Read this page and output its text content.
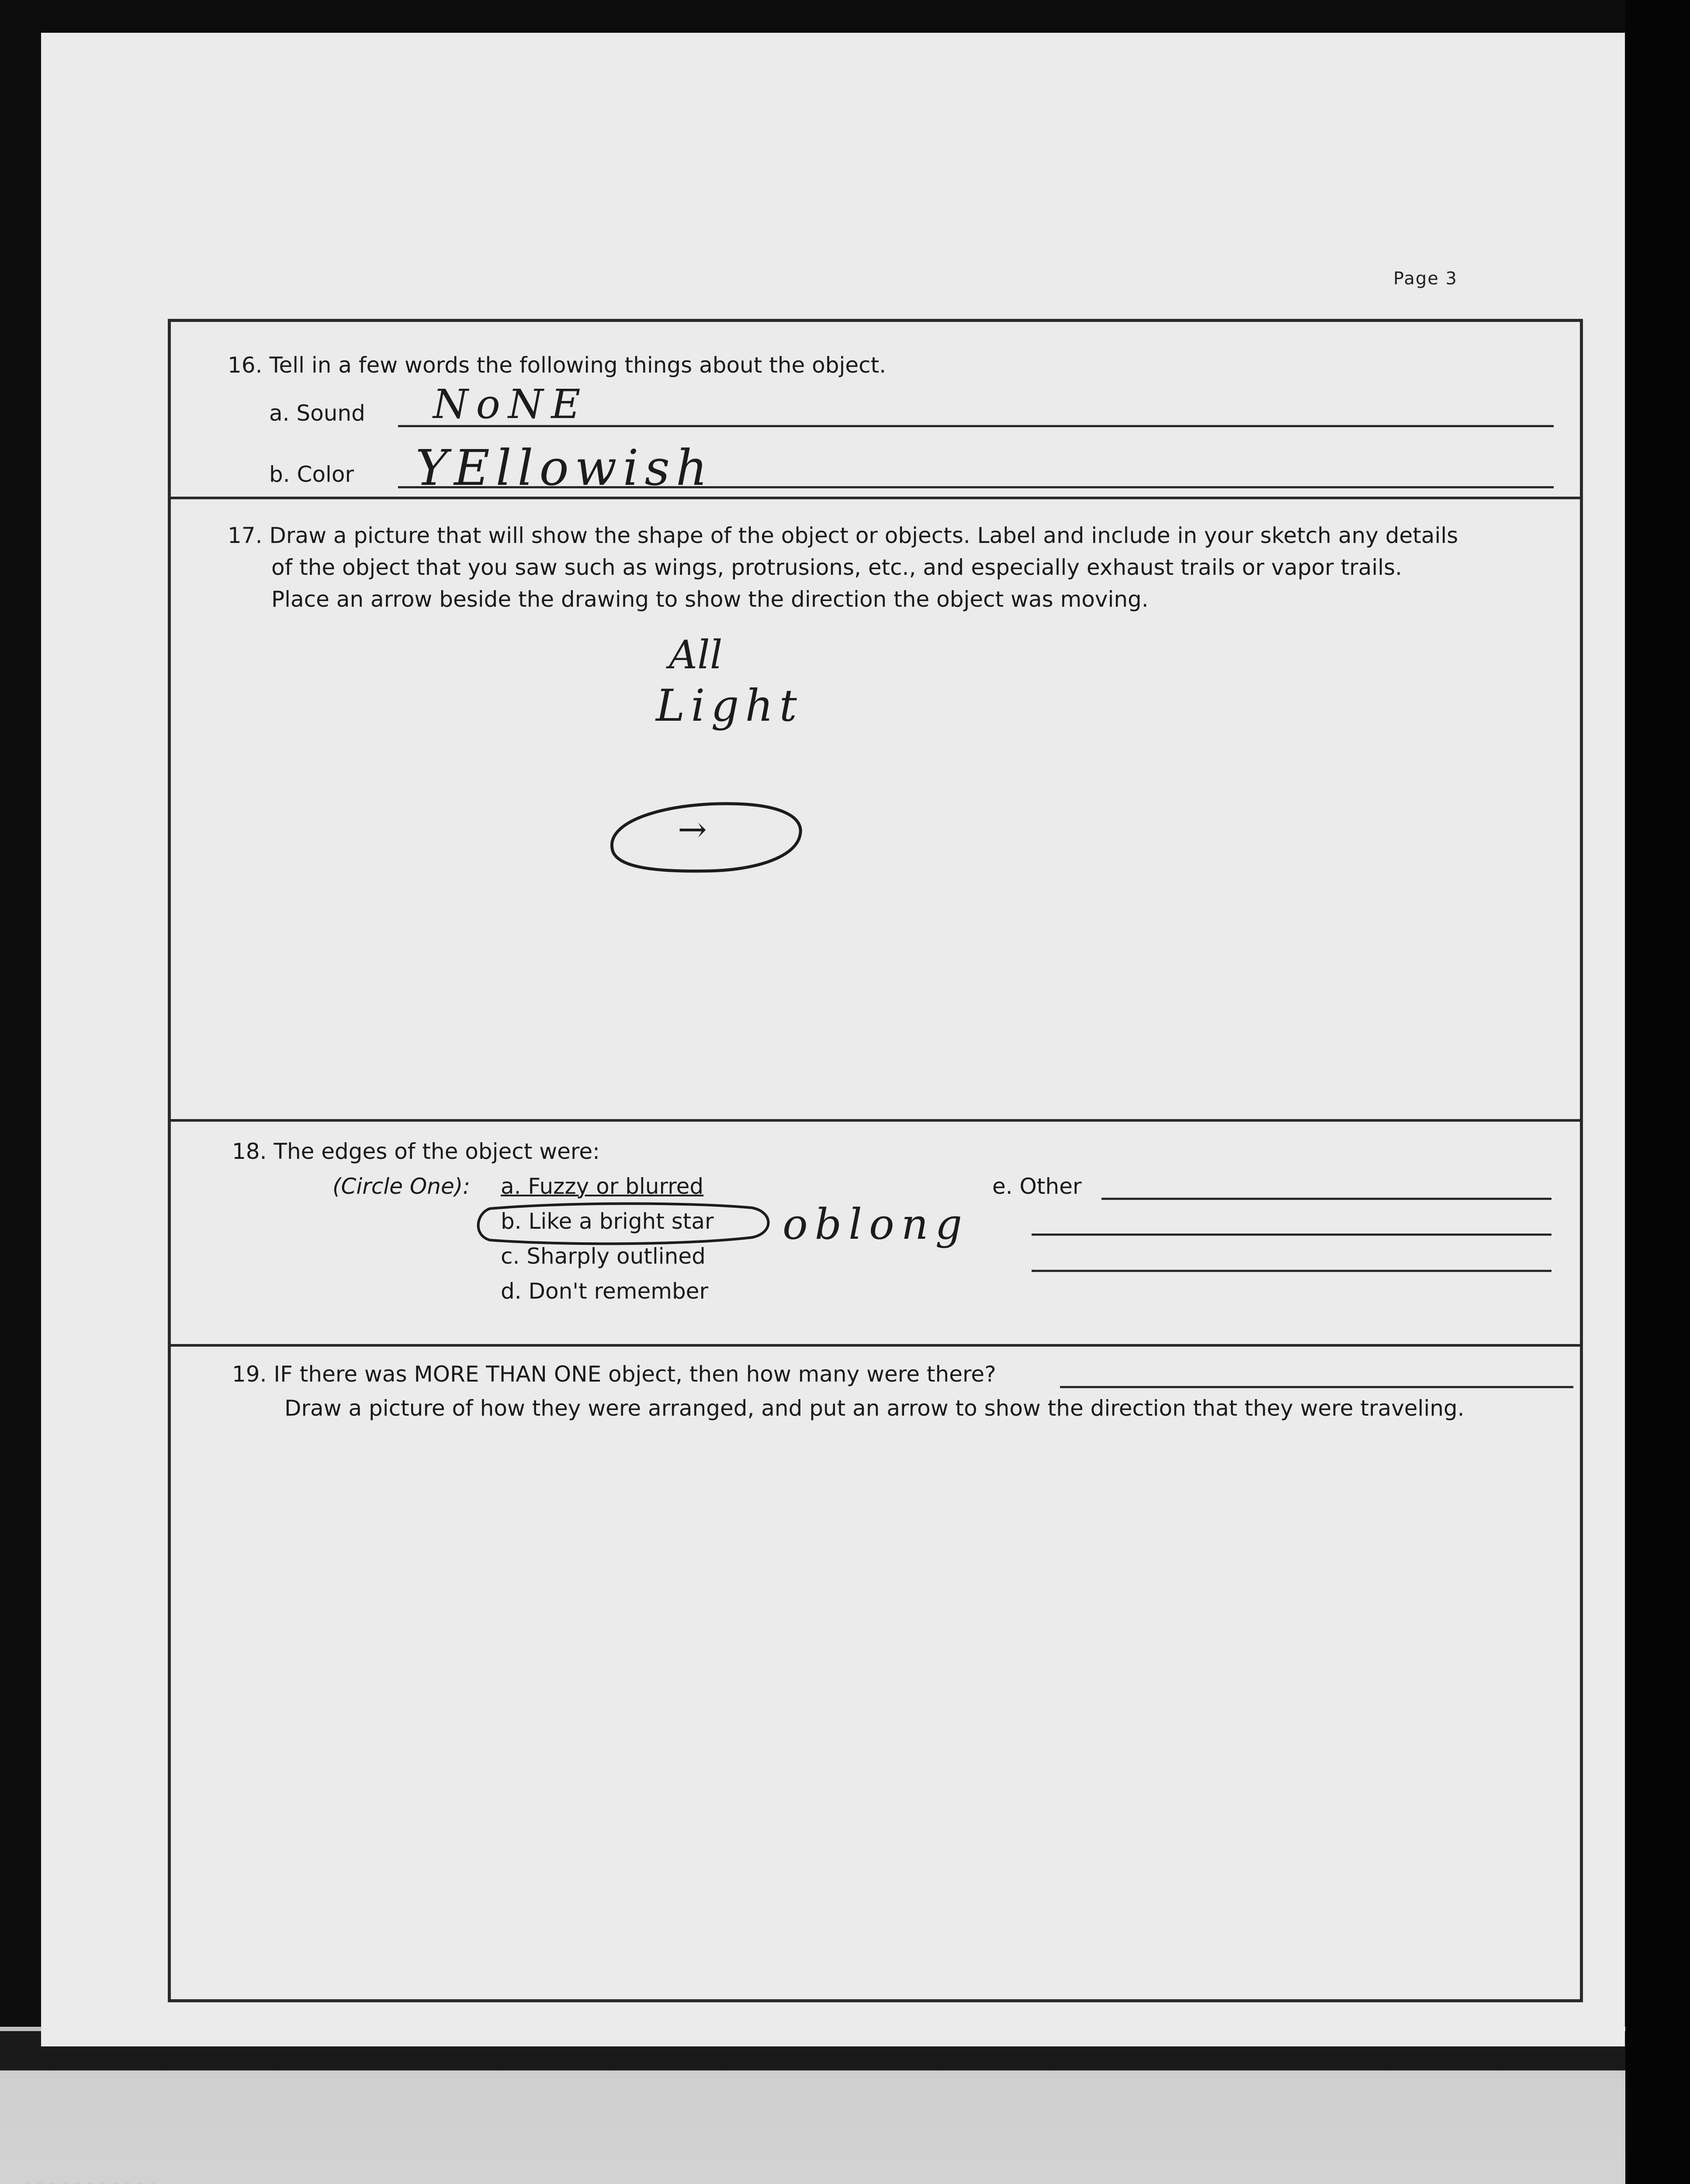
Page 3
16. Tell in a few words the following things about the object.
a. Sound NoNE
b. Color YEllowish
17. Draw a picture that will show the shape of the object or objects. Label and include in your sketch any details
of the object that you saw such as wings, protrusions, etc., and especially exhaust trails or vapor trails.
Place an arrow beside the drawing to show the direction the object was moving.
All
Light
→
18. The edges of the object were:
(Circle One): a. Fuzzy or blurred
b. Like a bright star
c. Sharply outlined
d. Don't remember
oblong
e. Other
19. IF there was MORE THAN ONE object, then how many were there?
Draw a picture of how they were arranged, and put an arrow to show the direction that they were traveling.
